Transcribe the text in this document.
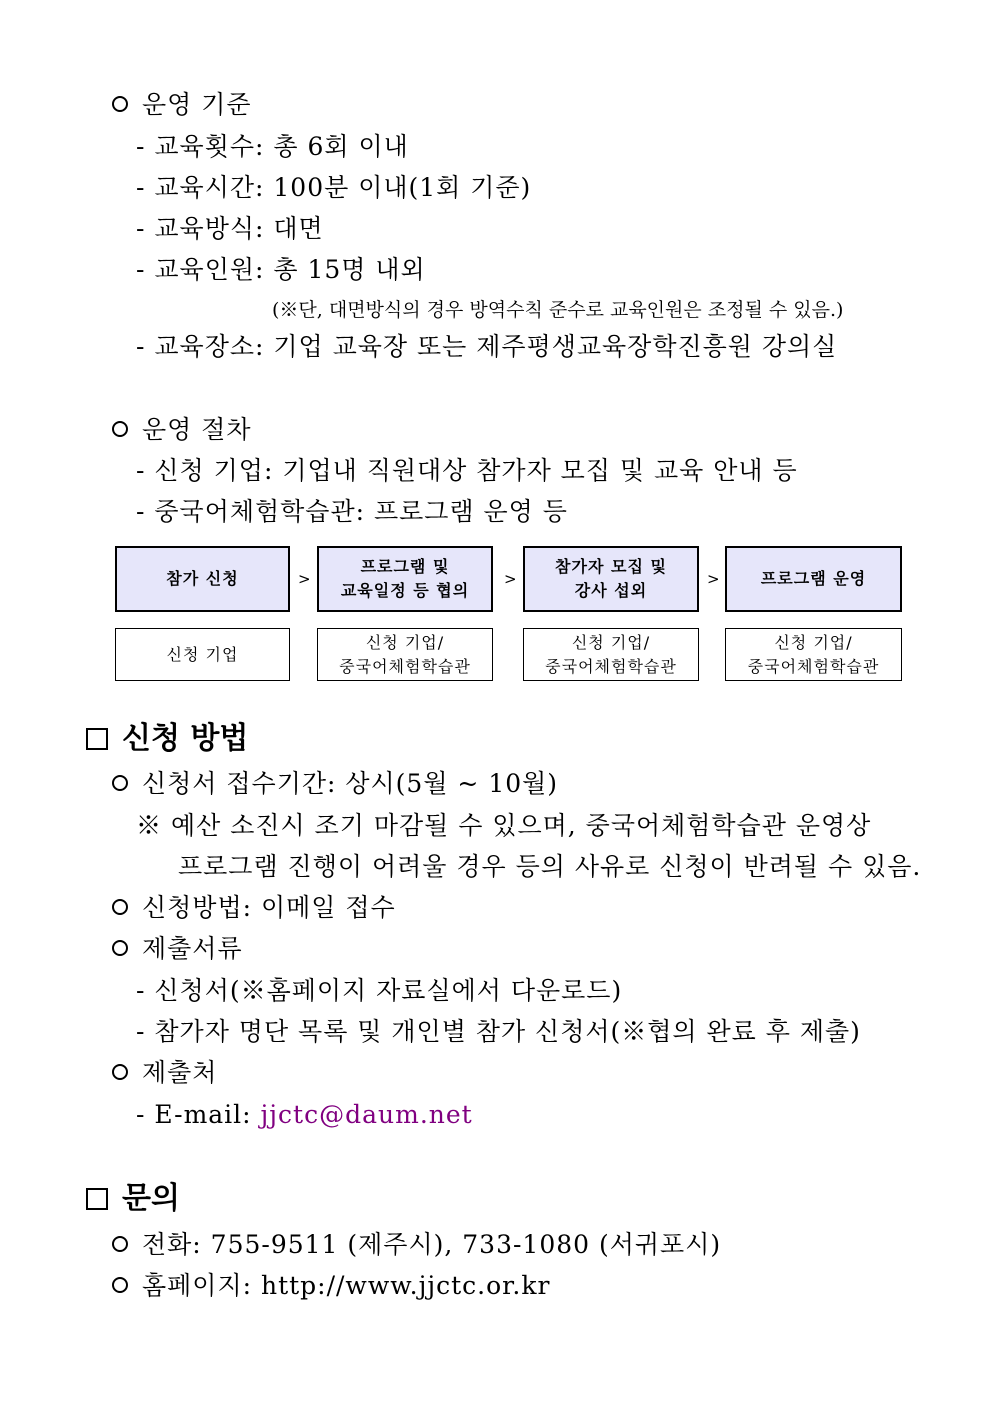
운영 기준
- 교육횟수: 총 6회 이내
- 교육시간: 100분 이내(1회 기준)
- 교육방식: 대면
- 교육인원: 총 15명 내외
(※단, 대면방식의 경우 방역수칙 준수로 교육인원은 조정될 수 있음.)
- 교육장소: 기업 교육장 또는 제주평생교육장학진흥원 강의실
운영 절차
- 신청 기업: 기업내 직원대상 참가자 모집 및 교육 안내 등
- 중국어체험학습관: 프로그램 운영 등
참가 신청	>
프로그램 및
교육일정 등 협의
>
참가자 모집 및
강사 섭외
>	프로그램 운영
신청 기업
신청 기업/
중국어체험학습관
신청 기업/
중국어체험학습관
신청 기업/
중국어체험학습관
신청 방법
신청서 접수기간: 상시(5월 ~ 10월)
※ 예산 소진시 조기 마감될 수 있으며, 중국어체험학습관 운영상
프로그램 진행이 어려울 경우 등의 사유로 신청이 반려될 수 있음.
신청방법: 이메일 접수
제출서류
- 신청서(※홈페이지 자료실에서 다운로드)
- 참가자 명단 목록 및 개인별 참가 신청서(※협의 완료 후 제출)
제출처
- E-mail: jjctc@daum.net
문의
전화: 755-9511 (제주시), 733-1080 (서귀포시)
홈페이지: http://www.jjctc.or.kr
